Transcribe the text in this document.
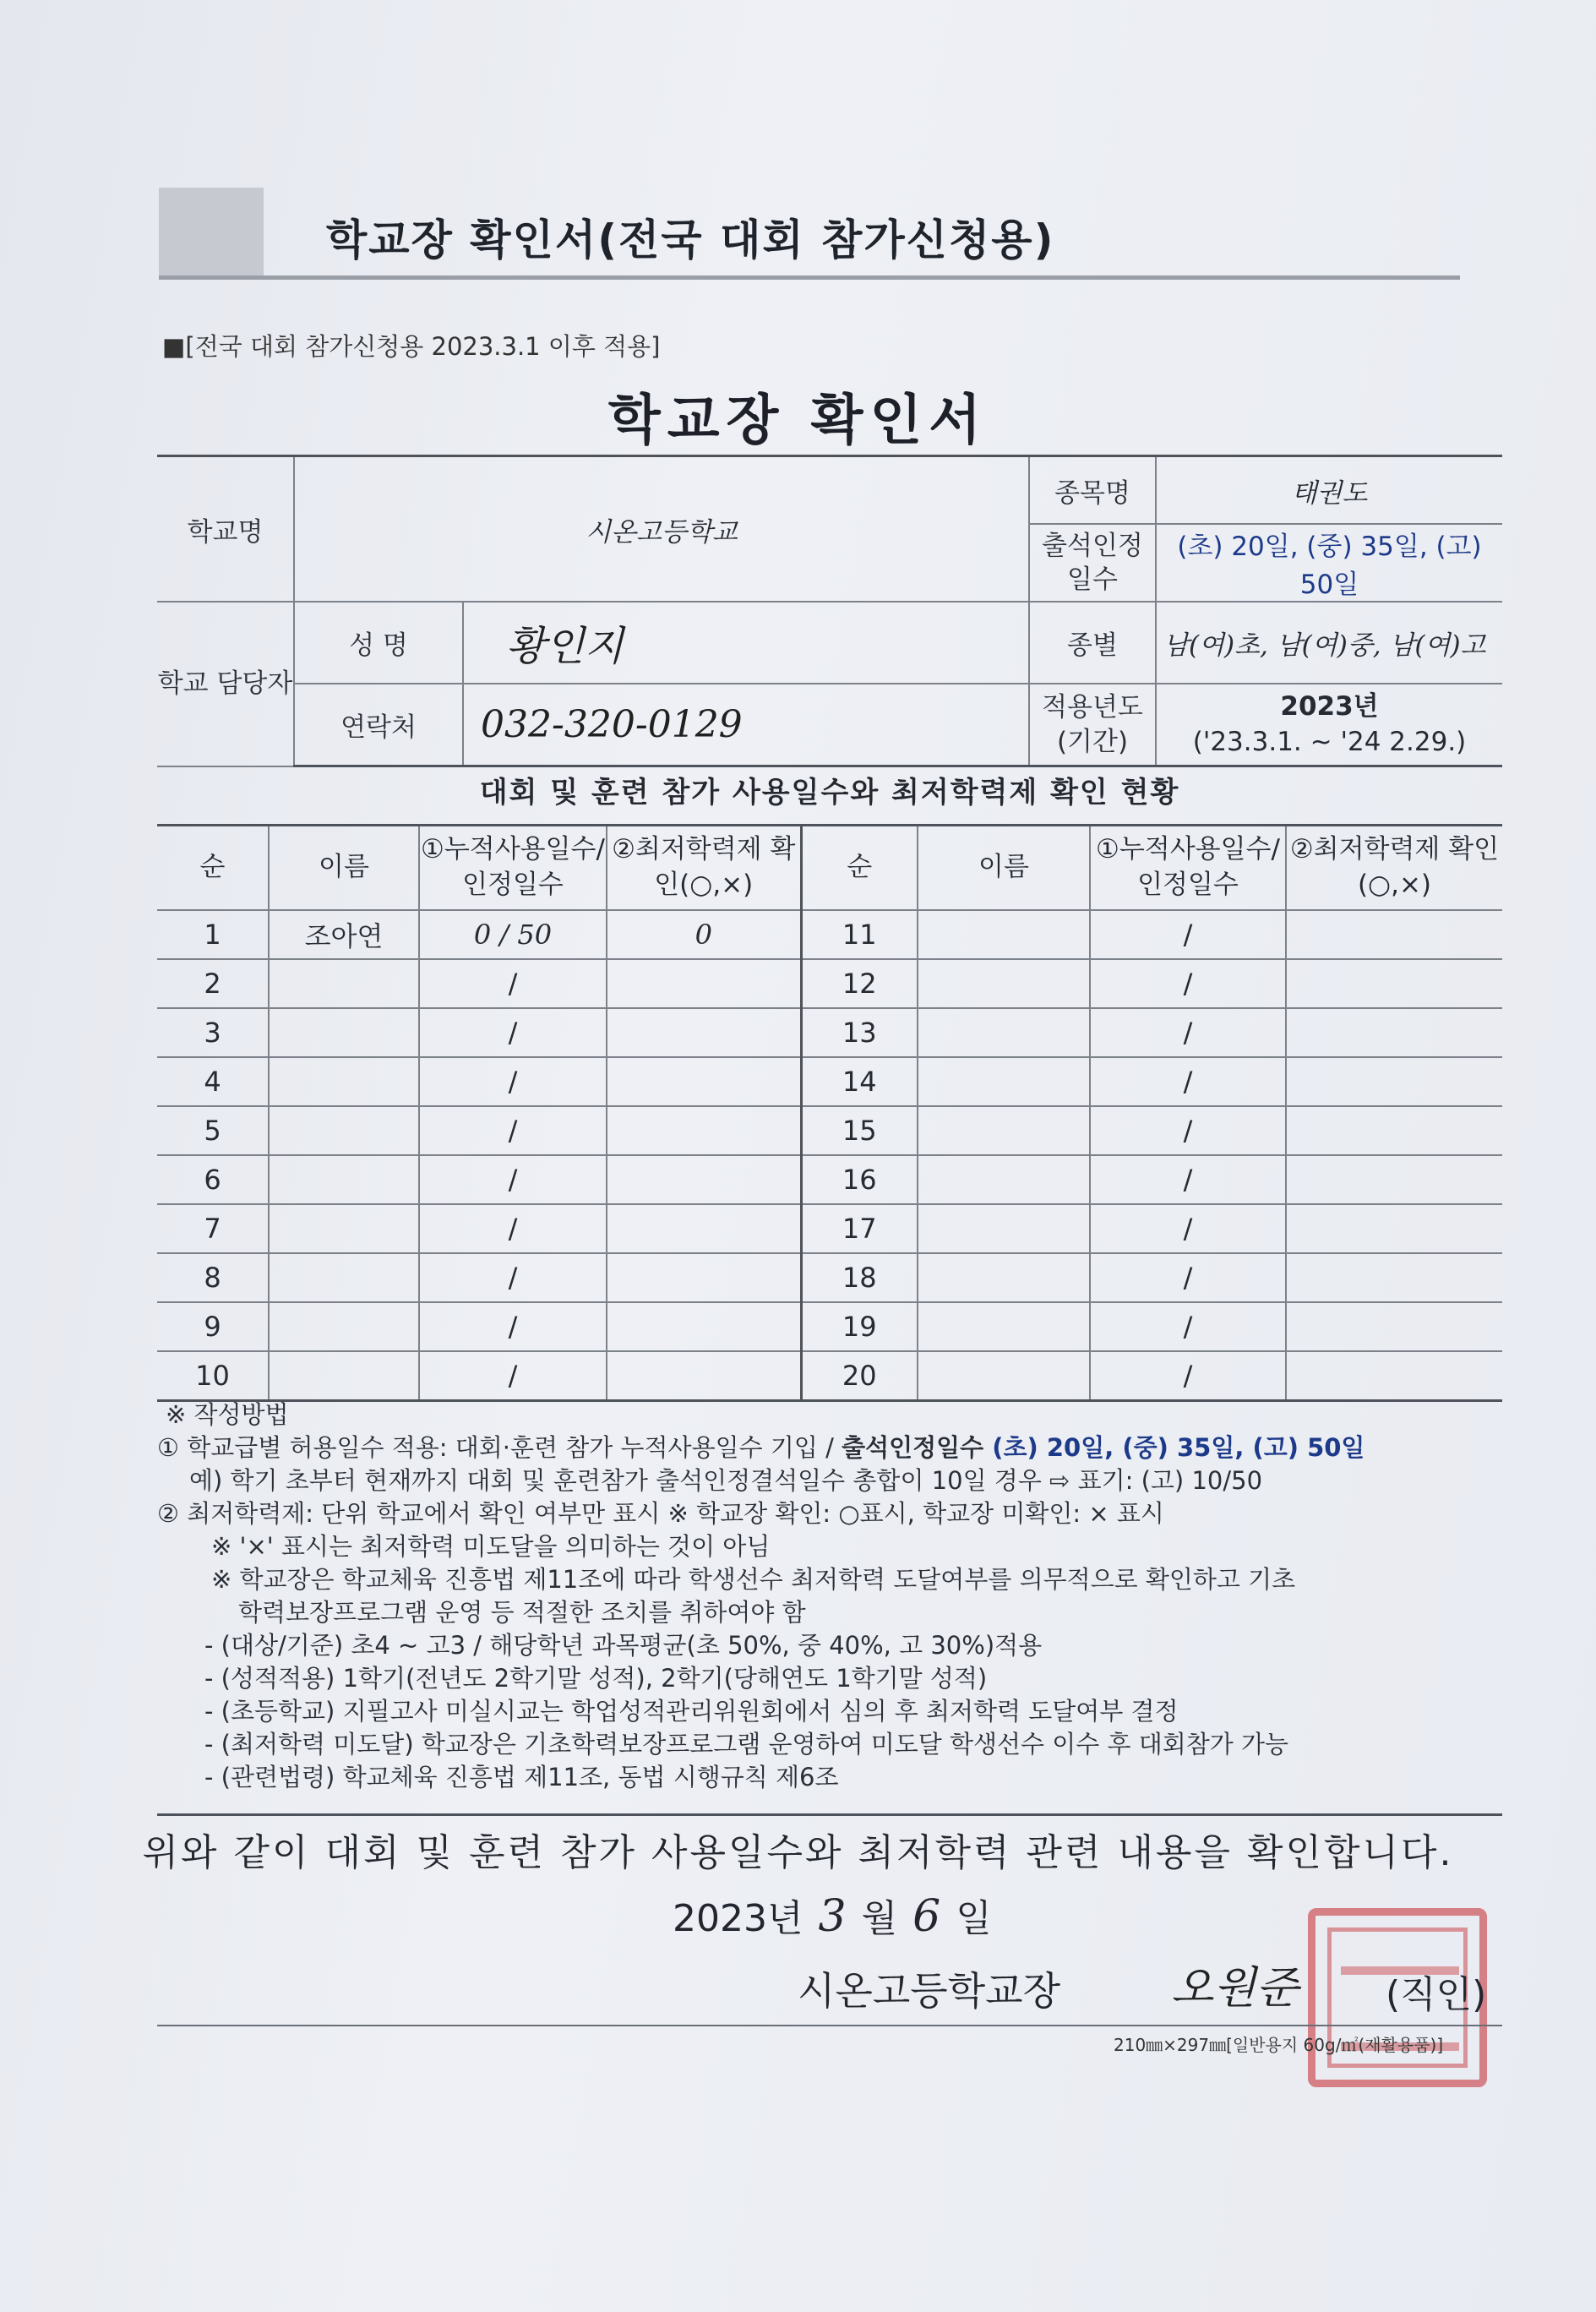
학교장 확인서(전국 대회 참가신청용)
■[전국 대회 참가신청용 2023.3.1 이후 적용]
학교장 확인서
학교명	시온고등학교		종목명	태권도
			출석인정 일수	(초) 20일, (중) 35일, (고) 50일
학교 담당자	성 명	황인지	종별	남(여)초, 남(여)중, 남(여)고
	연락처	032-320-0129	적용년도 (기간)	2023년
('23.3.1. ~ '24 2.29.)
대회 및 훈련 참가 사용일수와 최저학력제 확인 현황
순	이름	①누적사용일수/인정일수	②최저학력제 확인(○,×)	순	이름	①누적사용일수/인정일수	②최저학력제 확인(○,×)
1	조아연	0 / 50	0	11		/	
2		/		12		/	
3		/		13		/	
4		/		14		/	
5		/		15		/	
6		/		16		/	
7		/		17		/	
8		/		18		/	
9		/		19		/	
10		/		20		/	
※ 작성방법
① 학교급별 허용일수 적용: 대회·훈련 참가 누적사용일수 기입 / 출석인정일수 (초) 20일, (중) 35일, (고) 50일
예) 학기 초부터 현재까지 대회 및 훈련참가 출석인정결석일수 총합이 10일 경우 ⇨ 표기: (고) 10/50
② 최저학력제: 단위 학교에서 확인 여부만 표시 ※ 학교장 확인: ○표시, 학교장 미확인: × 표시
※ '×' 표시는 최저학력 미도달을 의미하는 것이 아님
※ 학교장은 학교체육 진흥법 제11조에 따라 학생선수 최저학력 도달여부를 의무적으로 확인하고 기초
학력보장프로그램 운영 등 적절한 조치를 취하여야 함
- (대상/기준) 초4 ~ 고3 / 해당학년 과목평균(초 50%, 중 40%, 고 30%)적용
- (성적적용) 1학기(전년도 2학기말 성적), 2학기(당해연도 1학기말 성적)
- (초등학교) 지필고사 미실시교는 학업성적관리위원회에서 심의 후 최저학력 도달여부 결정
- (최저학력 미도달) 학교장은 기초학력보장프로그램 운영하여 미도달 학생선수 이수 후 대회참가 가능
- (관련법령) 학교체육 진흥법 제11조, 동법 시행규칙 제6조
위와 같이 대회 및 훈련 참가 사용일수와 최저학력 관련 내용을 확인합니다.
2023년 3 월 6 일
시온고등학교장	오원준 (직인)
210㎜×297㎜[일반용지 60g/㎡(재활용품)]
